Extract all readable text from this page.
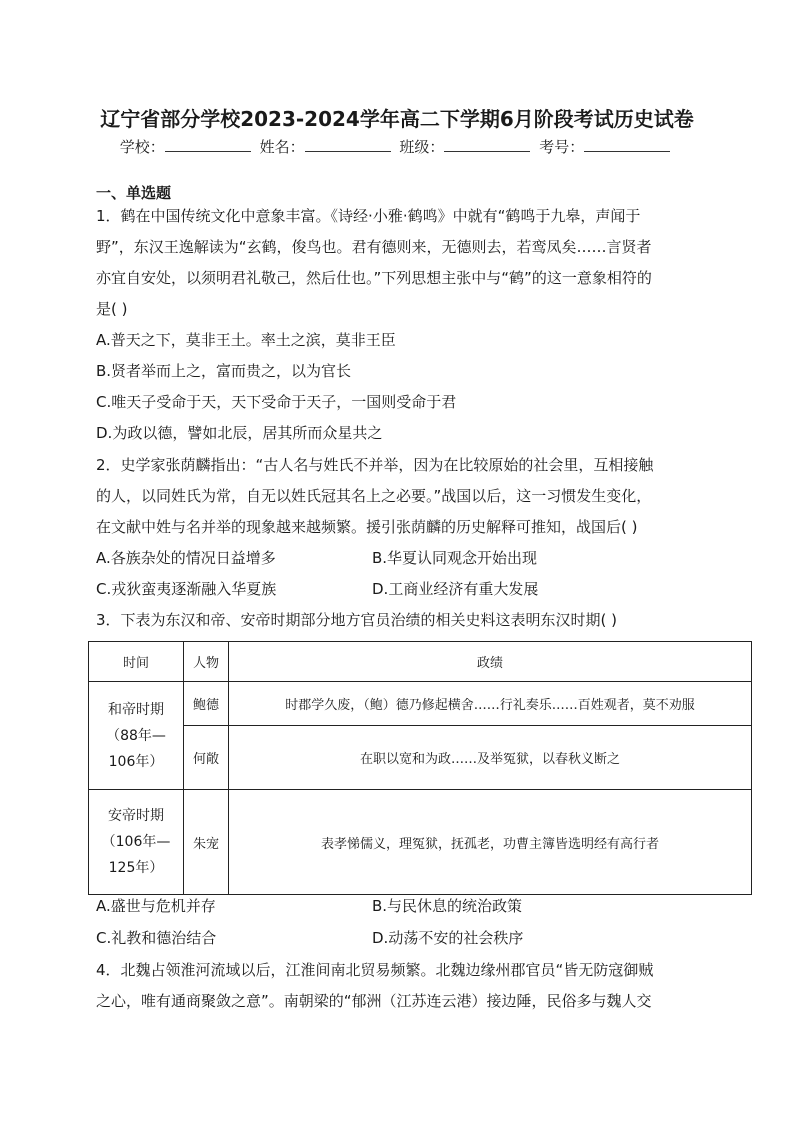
辽宁省部分学校2023-2024学年高二下学期6月阶段考试历史试卷
学校：	姓名：	班级：	考号：
一、单选题
1．鹤在中国传统文化中意象丰富。《诗经·小雅·鹤鸣》中就有“鹤鸣于九皋，声闻于
野”，东汉王逸解读为“玄鹤，俊鸟也。君有德则来，无德则去，若鸾凤矣……言贤者
亦宜自安处，以须明君礼敬己，然后仕也。”下列思想主张中与“鹤”的这一意象相符的
是( )
A.普天之下，莫非王土。率土之滨，莫非王臣
B.贤者举而上之，富而贵之，以为官长
C.唯天子受命于天，天下受命于天子，一国则受命于君
D.为政以德，譬如北辰，居其所而众星共之
2．史学家张荫麟指出：“古人名与姓氏不并举，因为在比较原始的社会里，互相接触
的人，以同姓氏为常，自无以姓氏冠其名上之必要。”战国以后，这一习惯发生变化，
在文献中姓与名并举的现象越来越频繁。援引张荫麟的历史解释可推知，战国后( )
A.各族杂处的情况日益增多	B.华夏认同观念开始出现
C.戎狄蛮夷逐渐融入华夏族	D.工商业经济有重大发展
3．下表为东汉和帝、安帝时期部分地方官员治绩的相关史料这表明东汉时期( )
时间	人物	政绩

和帝时期
（88年—
106年）	鲍德	时郡学久废，（鲍）德乃修起横舍……行礼奏乐……百姓观者，莫不劝服
	何敞	在职以宽和为政……及举冤狱，以春秋义断之

安帝时期
（106年—
125年）	朱宠	表孝悌儒义，理冤狱，抚孤老，功曹主簿皆选明经有高行者
A.盛世与危机并存	B.与民休息的统治政策
C.礼教和德治结合	D.动荡不安的社会秩序
4．北魏占领淮河流域以后，江淮间南北贸易频繁。北魏边缘州郡官员“皆无防寇御贼
之心，唯有通商聚敛之意”。南朝梁的“郁洲（江苏连云港）接边陲，民俗多与魏人交
